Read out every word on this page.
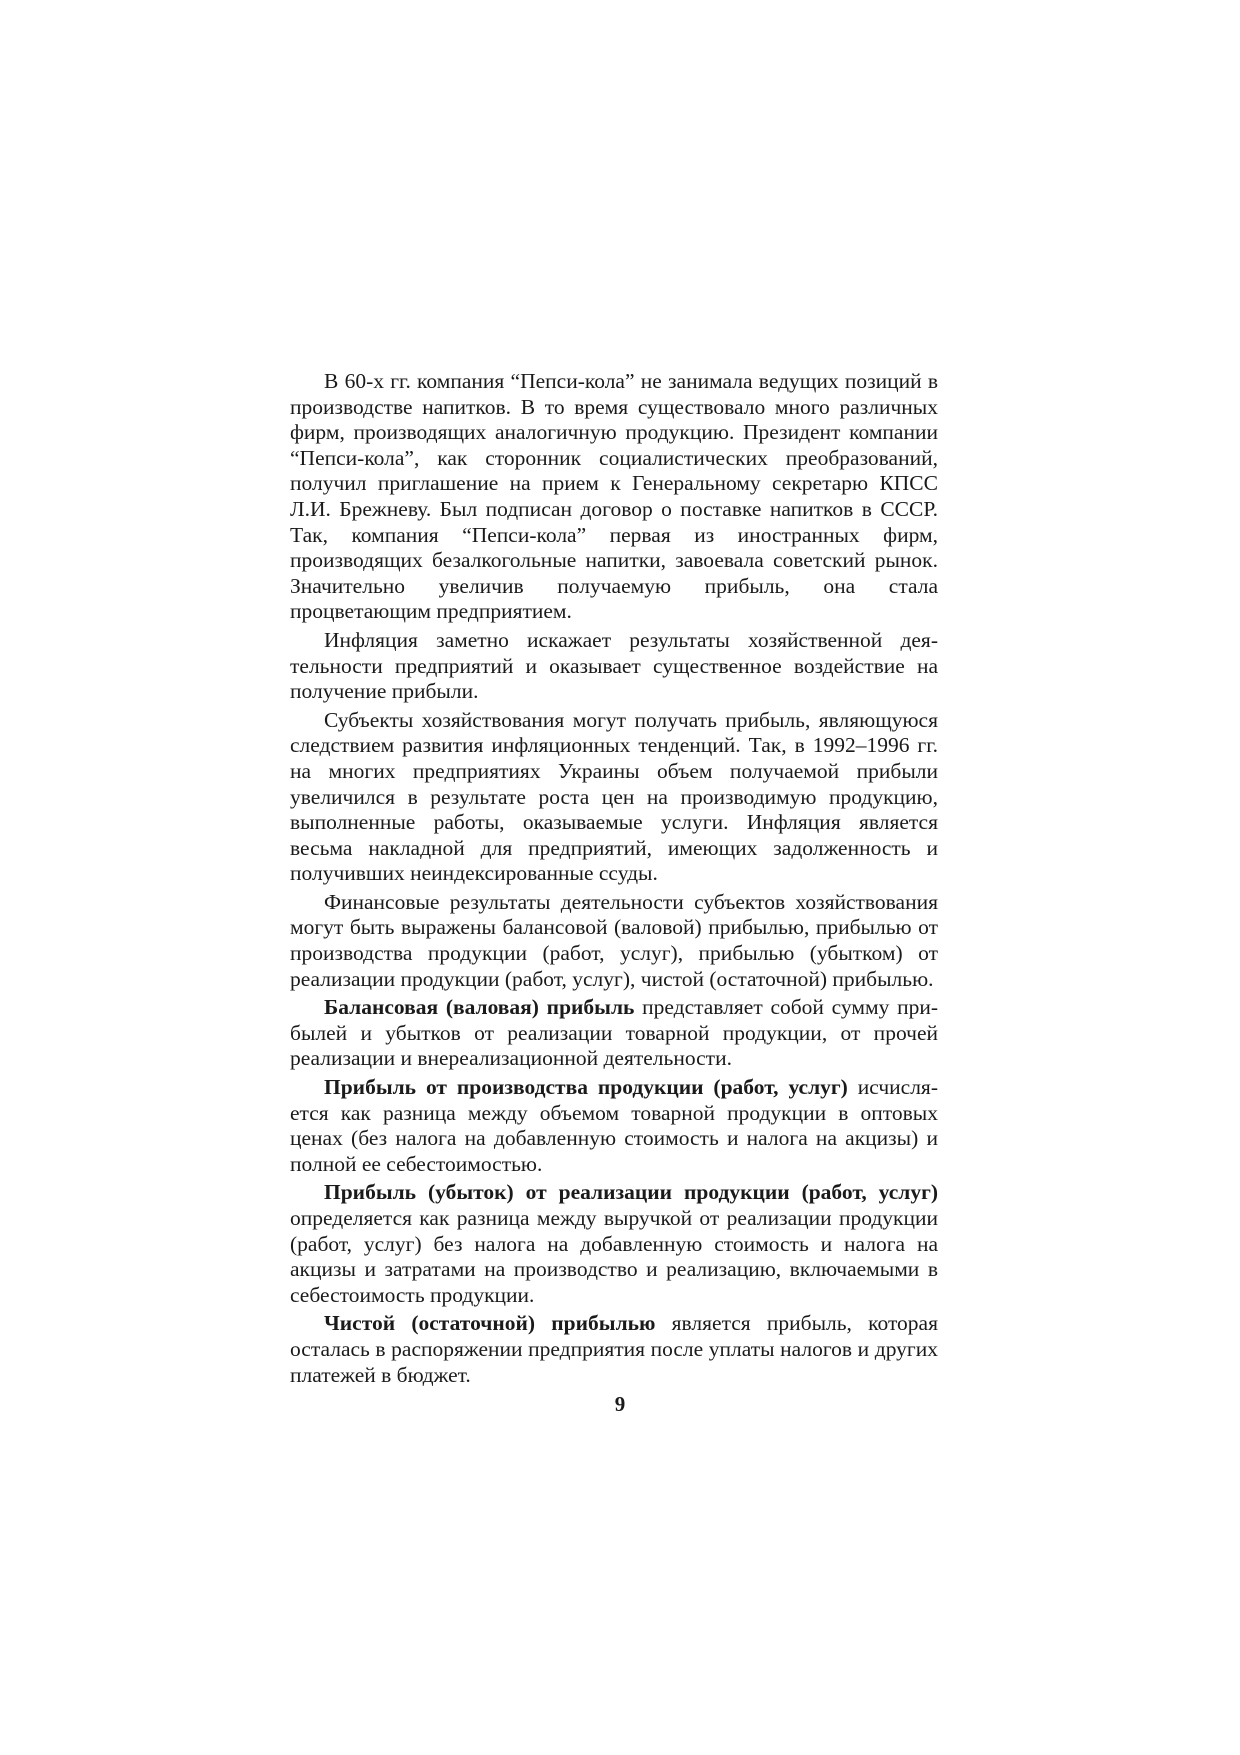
В 60-х гг. компания “Пепси-кола” не занимала ведущих позиций в производстве напитков. В то время существовало много различных фирм, производящих аналогичную продукцию. Президент компании “Пепси-кола”, как сторонник социалистических преобразований, получил приглашение на прием к Генеральному секретарю КПСС Л.И. Брежневу. Был подписан договор о поставке напитков в СССР. Так, компания “Пепси-кола” первая из иностранных фирм, производящих безалкогольные напитки, завоевала советский рынок. Значительно увеличив получаемую прибыль, она стала процветающим предприятием.

Инфляция заметно искажает результаты хозяйственной деятельности предприятий и оказывает существенное воздействие на получение прибыли.

Субъекты хозяйствования могут получать прибыль, являющуюся следствием развития инфляционных тенденций. Так, в 1992–1996 гг. на многих предприятиях Украины объем получаемой прибыли увеличился в результате роста цен на производимую продукцию, выполненные работы, оказываемые услуги. Инфляция является весьма накладной для предприятий, имеющих задолженность и получивших неиндексированные ссуды.

Финансовые результаты деятельности субъектов хозяйствования могут быть выражены балансовой (валовой) прибылью, прибылью от производства продукции (работ, услуг), прибылью (убытком) от реализации продукции (работ, услуг), чистой (остаточной) прибылью.

Балансовая (валовая) прибыль представляет собой сумму прибылей и убытков от реализации товарной продукции, от прочей реализации и внереализационной деятельности.

Прибыль от производства продукции (работ, услуг) исчисляется как разница между объемом товарной продукции в оптовых ценах (без налога на добавленную стоимость и налога на акцизы) и полной ее себестоимостью.

Прибыль (убыток) от реализации продукции (работ, услуг) определяется как разница между выручкой от реализации продукции (работ, услуг) без налога на добавленную стоимость и налога на акцизы и затратами на производство и реализацию, включаемыми в себестоимость продукции.

Чистой (остаточной) прибылью является прибыль, которая осталась в распоряжении предприятия после уплаты налогов и других платежей в бюджет.

9
